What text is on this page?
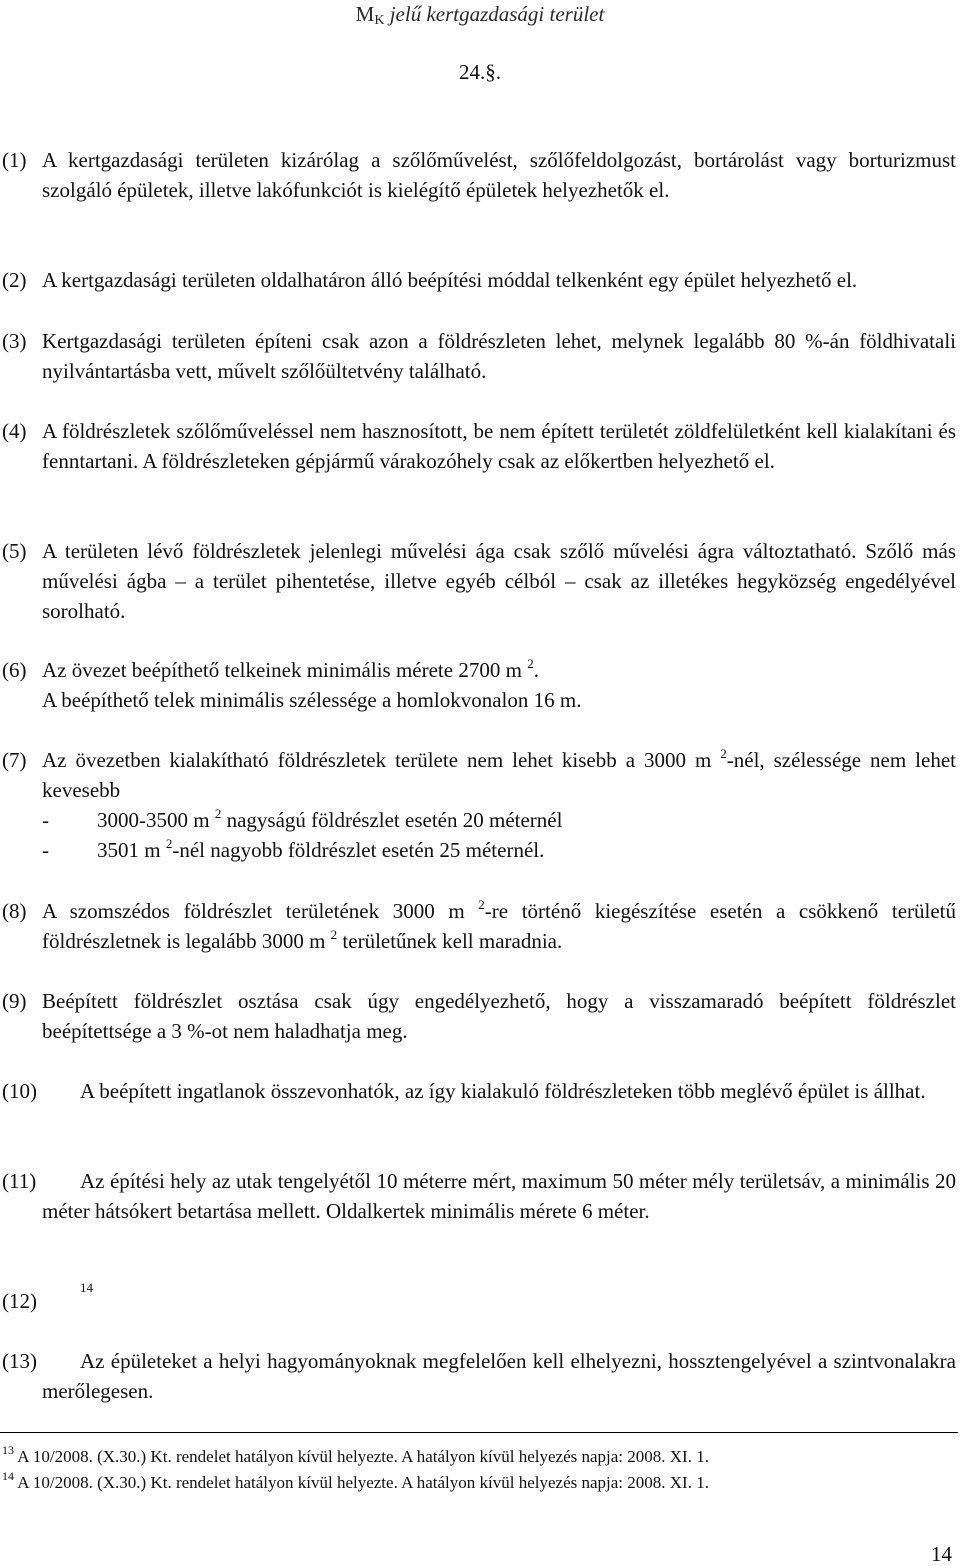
MK jelű kertgazdasági terület
24.§.
(1) A kertgazdasági területen kizárólag a szőlőművelést, szőlőfeldolgozást, bortárolást vagy borturizmust szolgáló épületek, illetve lakófunkciót is kielégítő épületek helyezhetők el.
(2) A kertgazdasági területen oldalhatáron álló beépítési móddal telkenként egy épület helyezhető el.
(3) Kertgazdasági területen építeni csak azon a földrészleten lehet, melynek legalább 80 %-án földhivatali nyilvántartásba vett, művelt szőlőültetvény található.
(4) A földrészletek szőlőműveléssel nem hasznosított, be nem épített területét zöldfelületként kell kialakítani és fenntartani. A földrészleteken gépjármű várakozóhely csak az előkertben helyezhető el.
(5) A területen lévő földrészletek jelenlegi művelési ága csak szőlő művelési ágra változtatható. Szőlő más művelési ágba – a terület pihentetése, illetve egyéb célból – csak az illetékes hegyközség engedélyével sorolható.
(6) Az övezet beépíthető telkeinek minimális mérete 2700 m $^2$.
A beépíthető telek minimális szélessége a homlokvonalon 16 m.
(7) Az övezetben kialakítható földrészletek területe nem lehet kisebb a 3000 m $^2$-nél, szélessége nem lehet kevesebb
- 3000-3500 m $^2$ nagyságú földrészlet esetén 20 méternél
- 3501 m $^2$-nél nagyobb földrészlet esetén 25 méternél.
(8) A szomszédos földrészlet területének 3000 m $^2$-re történő kiegészítése esetén a csökkenő területű földrészletnek is legalább 3000 m $^2$ területűnek kell maradnia.
(9) Beépített földrészlet osztása csak úgy engedélyezhető, hogy a visszamaradó beépített földrészlet beépítettsége a 3 %-ot nem haladhatja meg.
(10) A beépített ingatlanok összevonhatók, az így kialakuló földrészleteken több meglévő épület is állhat.
(11) Az építési hely az utak tengelyétől 10 méterre mért, maximum 50 méter mély területsáv, a minimális 20 méter hátsókert betartása mellett. Oldalkertek minimális mérete 6 méter.
$(12)^{14}$
(13) Az épületeket a helyi hagyományoknak megfelelően kell elhelyezni, hossztengelyével a szintvonalakra merőlegesen.
$^{13}$ A 10/2008. (X.30.) Kt. rendelet hatályon kívül helyezte. A hatályon kívül helyezés napja: 2008. XI. 1.
$^{14}$ A 10/2008. (X.30.) Kt. rendelet hatályon kívül helyezte. A hatályon kívül helyezés napja: 2008. XI. 1.
14
